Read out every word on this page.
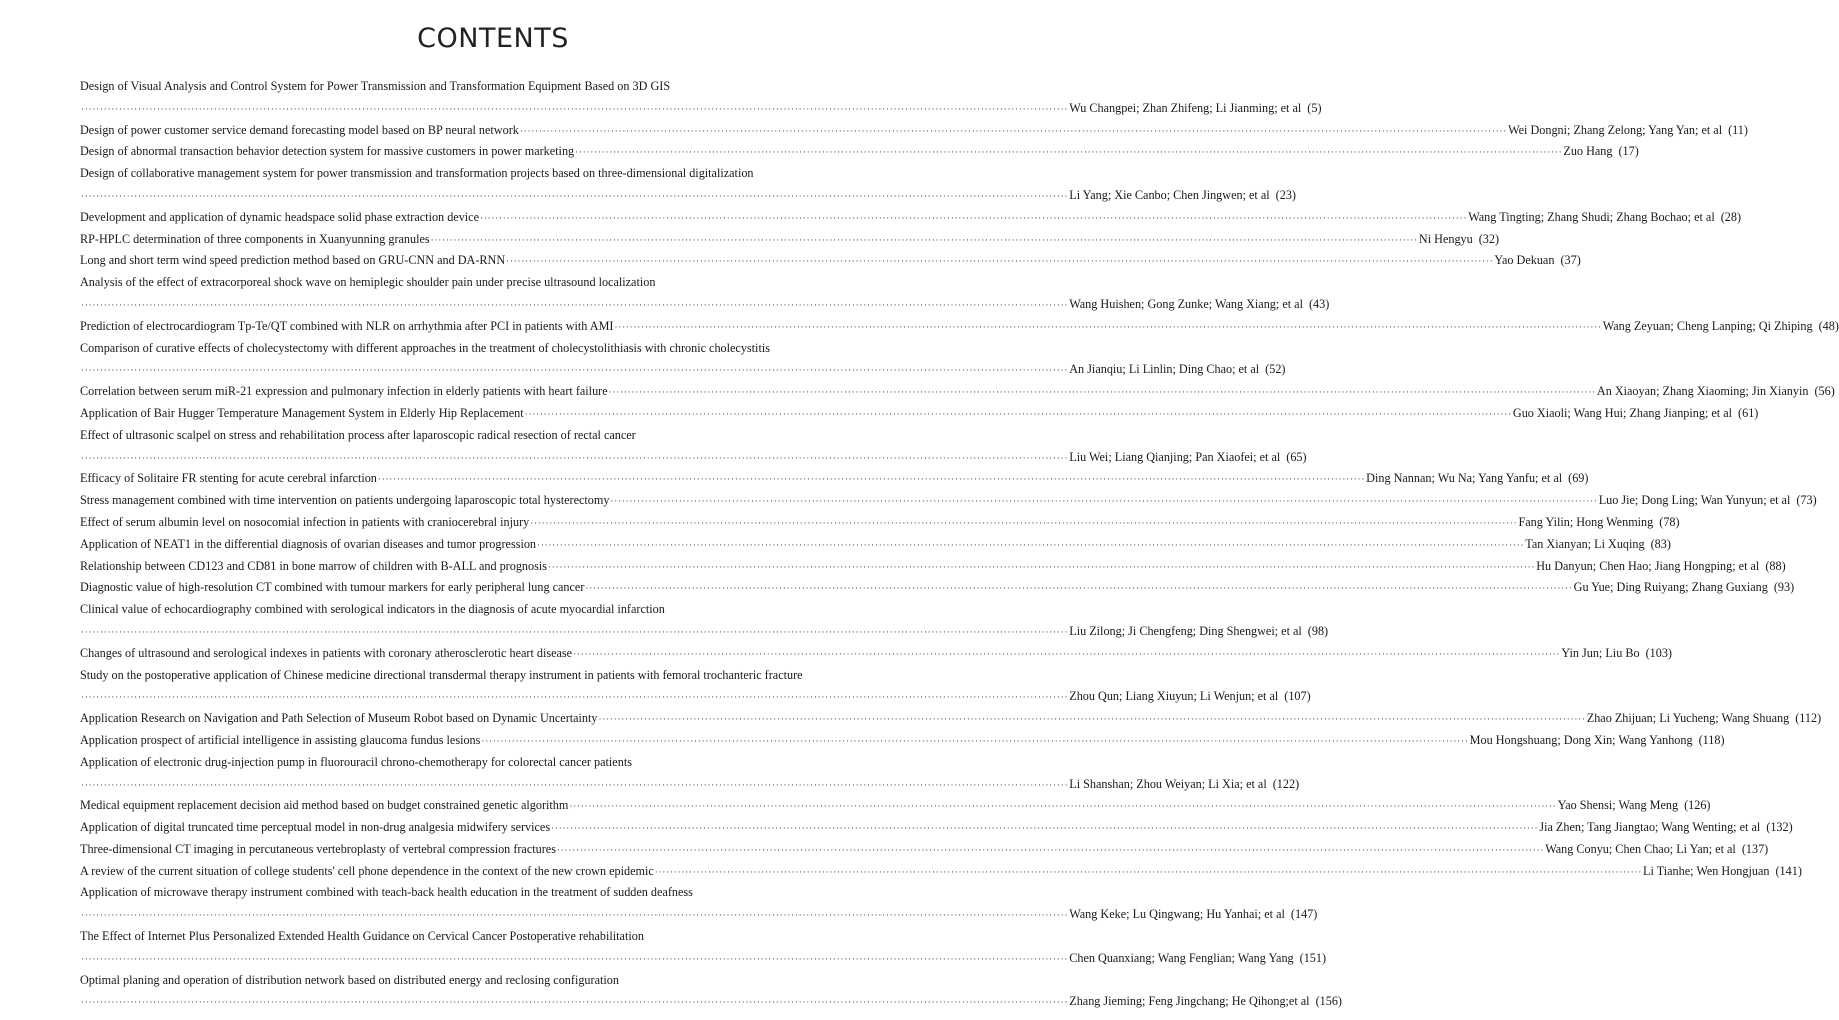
CONTENTS
Design of Visual Analysis and Control System for Power Transmission and Transformation Equipment Based on 3D GIS
···································································································································································································································································· Wu Changpei; Zhan Zhifeng; Li Jianming; et al ( 5 )
Design of power customer service demand forecasting model based on BP neural network ···································································································································································································································································· Wei Dongni; Zhang Zelong; Yang Yan; et al ( 11 )
Design of abnormal transaction behavior detection system for massive customers in power marketing ···································································································································································································································································· Zuo Hang ( 17 )
Design of collaborative management system for power transmission and transformation projects based on three-dimensional digitalization
···································································································································································································································································· Li Yang; Xie Canbo; Chen Jingwen; et al ( 23 )
Development and application of dynamic headspace solid phase extraction device ···································································································································································································································································· Wang Tingting; Zhang Shudi; Zhang Bochao; et al ( 28 )
RP-HPLC determination of three components in Xuanyunning granules ···································································································································································································································································· Ni Hengyu ( 32 )
Long and short term wind speed prediction method based on GRU-CNN and DA-RNN ···································································································································································································································································· Yao Dekuan ( 37 )
Analysis of the effect of extracorporeal shock wave on hemiplegic shoulder pain under precise ultrasound localization
···································································································································································································································································· Wang Huishen; Gong Zunke; Wang Xiang; et al ( 43 )
Prediction of electrocardiogram Tp-Te/QT combined with NLR on arrhythmia after PCI in patients with AMI ···································································································································································································································································· Wang Zeyuan; Cheng Lanping; Qi Zhiping ( 48 )
Comparison of curative effects of cholecystectomy with different approaches in the treatment of cholecystolithiasis with chronic cholecystitis
···································································································································································································································································· An Jianqiu; Li Linlin; Ding Chao; et al ( 52 )
Correlation between serum miR-21 expression and pulmonary infection in elderly patients with heart failure ···································································································································································································································································· An Xiaoyan; Zhang Xiaoming; Jin Xianyin ( 56 )
Application of Bair Hugger Temperature Management System in Elderly Hip Replacement ···································································································································································································································································· Guo Xiaoli; Wang Hui; Zhang Jianping; et al ( 61 )
Effect of ultrasonic scalpel on stress and rehabilitation process after laparoscopic radical resection of rectal cancer
···································································································································································································································································· Liu Wei; Liang Qianjing; Pan Xiaofei; et al ( 65 )
Efficacy of Solitaire FR stenting for acute cerebral infarction ···································································································································································································································································· Ding Nannan; Wu Na; Yang Yanfu; et al ( 69 )
Stress management combined with time intervention on patients undergoing laparoscopic total hysterectomy ···································································································································································································································································· Luo Jie; Dong Ling; Wan Yunyun; et al ( 73 )
Effect of serum albumin level on nosocomial infection in patients with craniocerebral injury ···································································································································································································································································· Fang Yilin; Hong Wenming ( 78 )
Application of NEAT1 in the differential diagnosis of ovarian diseases and tumor progression ···································································································································································································································································· Tan Xianyan; Li Xuqing ( 83 )
Relationship between CD123 and CD81 in bone marrow of children with B-ALL and prognosis ···································································································································································································································································· Hu Danyun; Chen Hao; Jiang Hongping; et al ( 88 )
Diagnostic value of high-resolution CT combined with tumour markers for early peripheral lung cancer ···································································································································································································································································· Gu Yue; Ding Ruiyang; Zhang Guxiang ( 93 )
Clinical value of echocardiography combined with serological indicators in the diagnosis of acute myocardial infarction
···································································································································································································································································· Liu Zilong; Ji Chengfeng; Ding Shengwei; et al ( 98 )
Changes of ultrasound and serological indexes in patients with coronary atherosclerotic heart disease ···································································································································································································································································· Yin Jun; Liu Bo ( 103 )
Study on the postoperative application of Chinese medicine directional transdermal therapy instrument in patients with femoral trochanteric fracture
···································································································································································································································································· Zhou Qun; Liang Xiuyun; Li Wenjun; et al ( 107 )
Application Research on Navigation and Path Selection of Museum Robot based on Dynamic Uncertainty ···································································································································································································································································· Zhao Zhijuan; Li Yucheng; Wang Shuang ( 112 )
Application prospect of artificial intelligence in assisting glaucoma fundus lesions ···································································································································································································································································· Mou Hongshuang; Dong Xin; Wang Yanhong ( 118 )
Application of electronic drug-injection pump in fluorouracil chrono-chemotherapy for colorectal cancer patients
···································································································································································································································································· Li Shanshan; Zhou Weiyan; Li Xia; et al ( 122 )
Medical equipment replacement decision aid method based on budget constrained genetic algorithm ···································································································································································································································································· Yao Shensi; Wang Meng ( 126 )
Application of digital truncated time perceptual model in non-drug analgesia midwifery services ···································································································································································································································································· Jia Zhen; Tang Jiangtao; Wang Wenting; et al ( 132 )
Three-dimensional CT imaging in percutaneous vertebroplasty of vertebral compression fractures ···································································································································································································································································· Wang Conyu; Chen Chao; Li Yan; et al ( 137 )
A review of the current situation of college students' cell phone dependence in the context of the new crown epidemic ···································································································································································································································································· Li Tianhe; Wen Hongjuan ( 141 )
Application of microwave therapy instrument combined with teach-back health education in the treatment of sudden deafness
···································································································································································································································································· Wang Keke; Lu Qingwang; Hu Yanhai; et al ( 147 )
The Effect of Internet Plus Personalized Extended Health Guidance on Cervical Cancer Postoperative rehabilitation
···································································································································································································································································· Chen Quanxiang; Wang Fenglian; Wang Yang ( 151 )
Optimal planing and operation of distribution network based on distributed energy and reclosing configuration
···································································································································································································································································· Zhang Jieming; Feng Jingchang; He Qihong;et al ( 156 )
